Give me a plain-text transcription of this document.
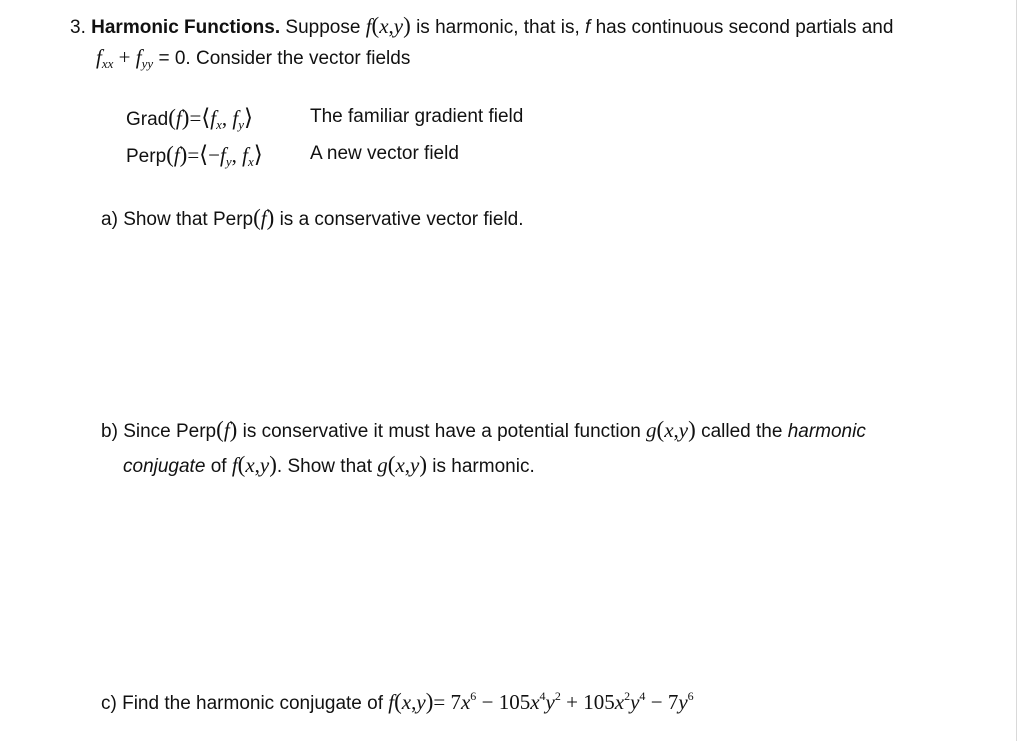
3. Harmonic Functions. Suppose f(x,y) is harmonic, that is, f has continuous second partials and
$f_{xx} + f_{yy} = 0$. Consider the vector fields
$Grad(f)=⟨f_x$, $f_y⟩$	The familiar gradient field
$Perp(f)=⟨-f_y$, $f_x⟩$ A new vector field
a) Show that Perp(f) is a conservative vector field.
b) Since Perp(f) is conservative it must have a potential function g(x,y) called the harmonic
conjugate of f(x,y). Show that g(x,y) is harmonic.
c) Find the harmonic conjugate of $f(x,y)= 7x^6 - 105x^4y^2 + 105x^2y^4 - 7y^6$
